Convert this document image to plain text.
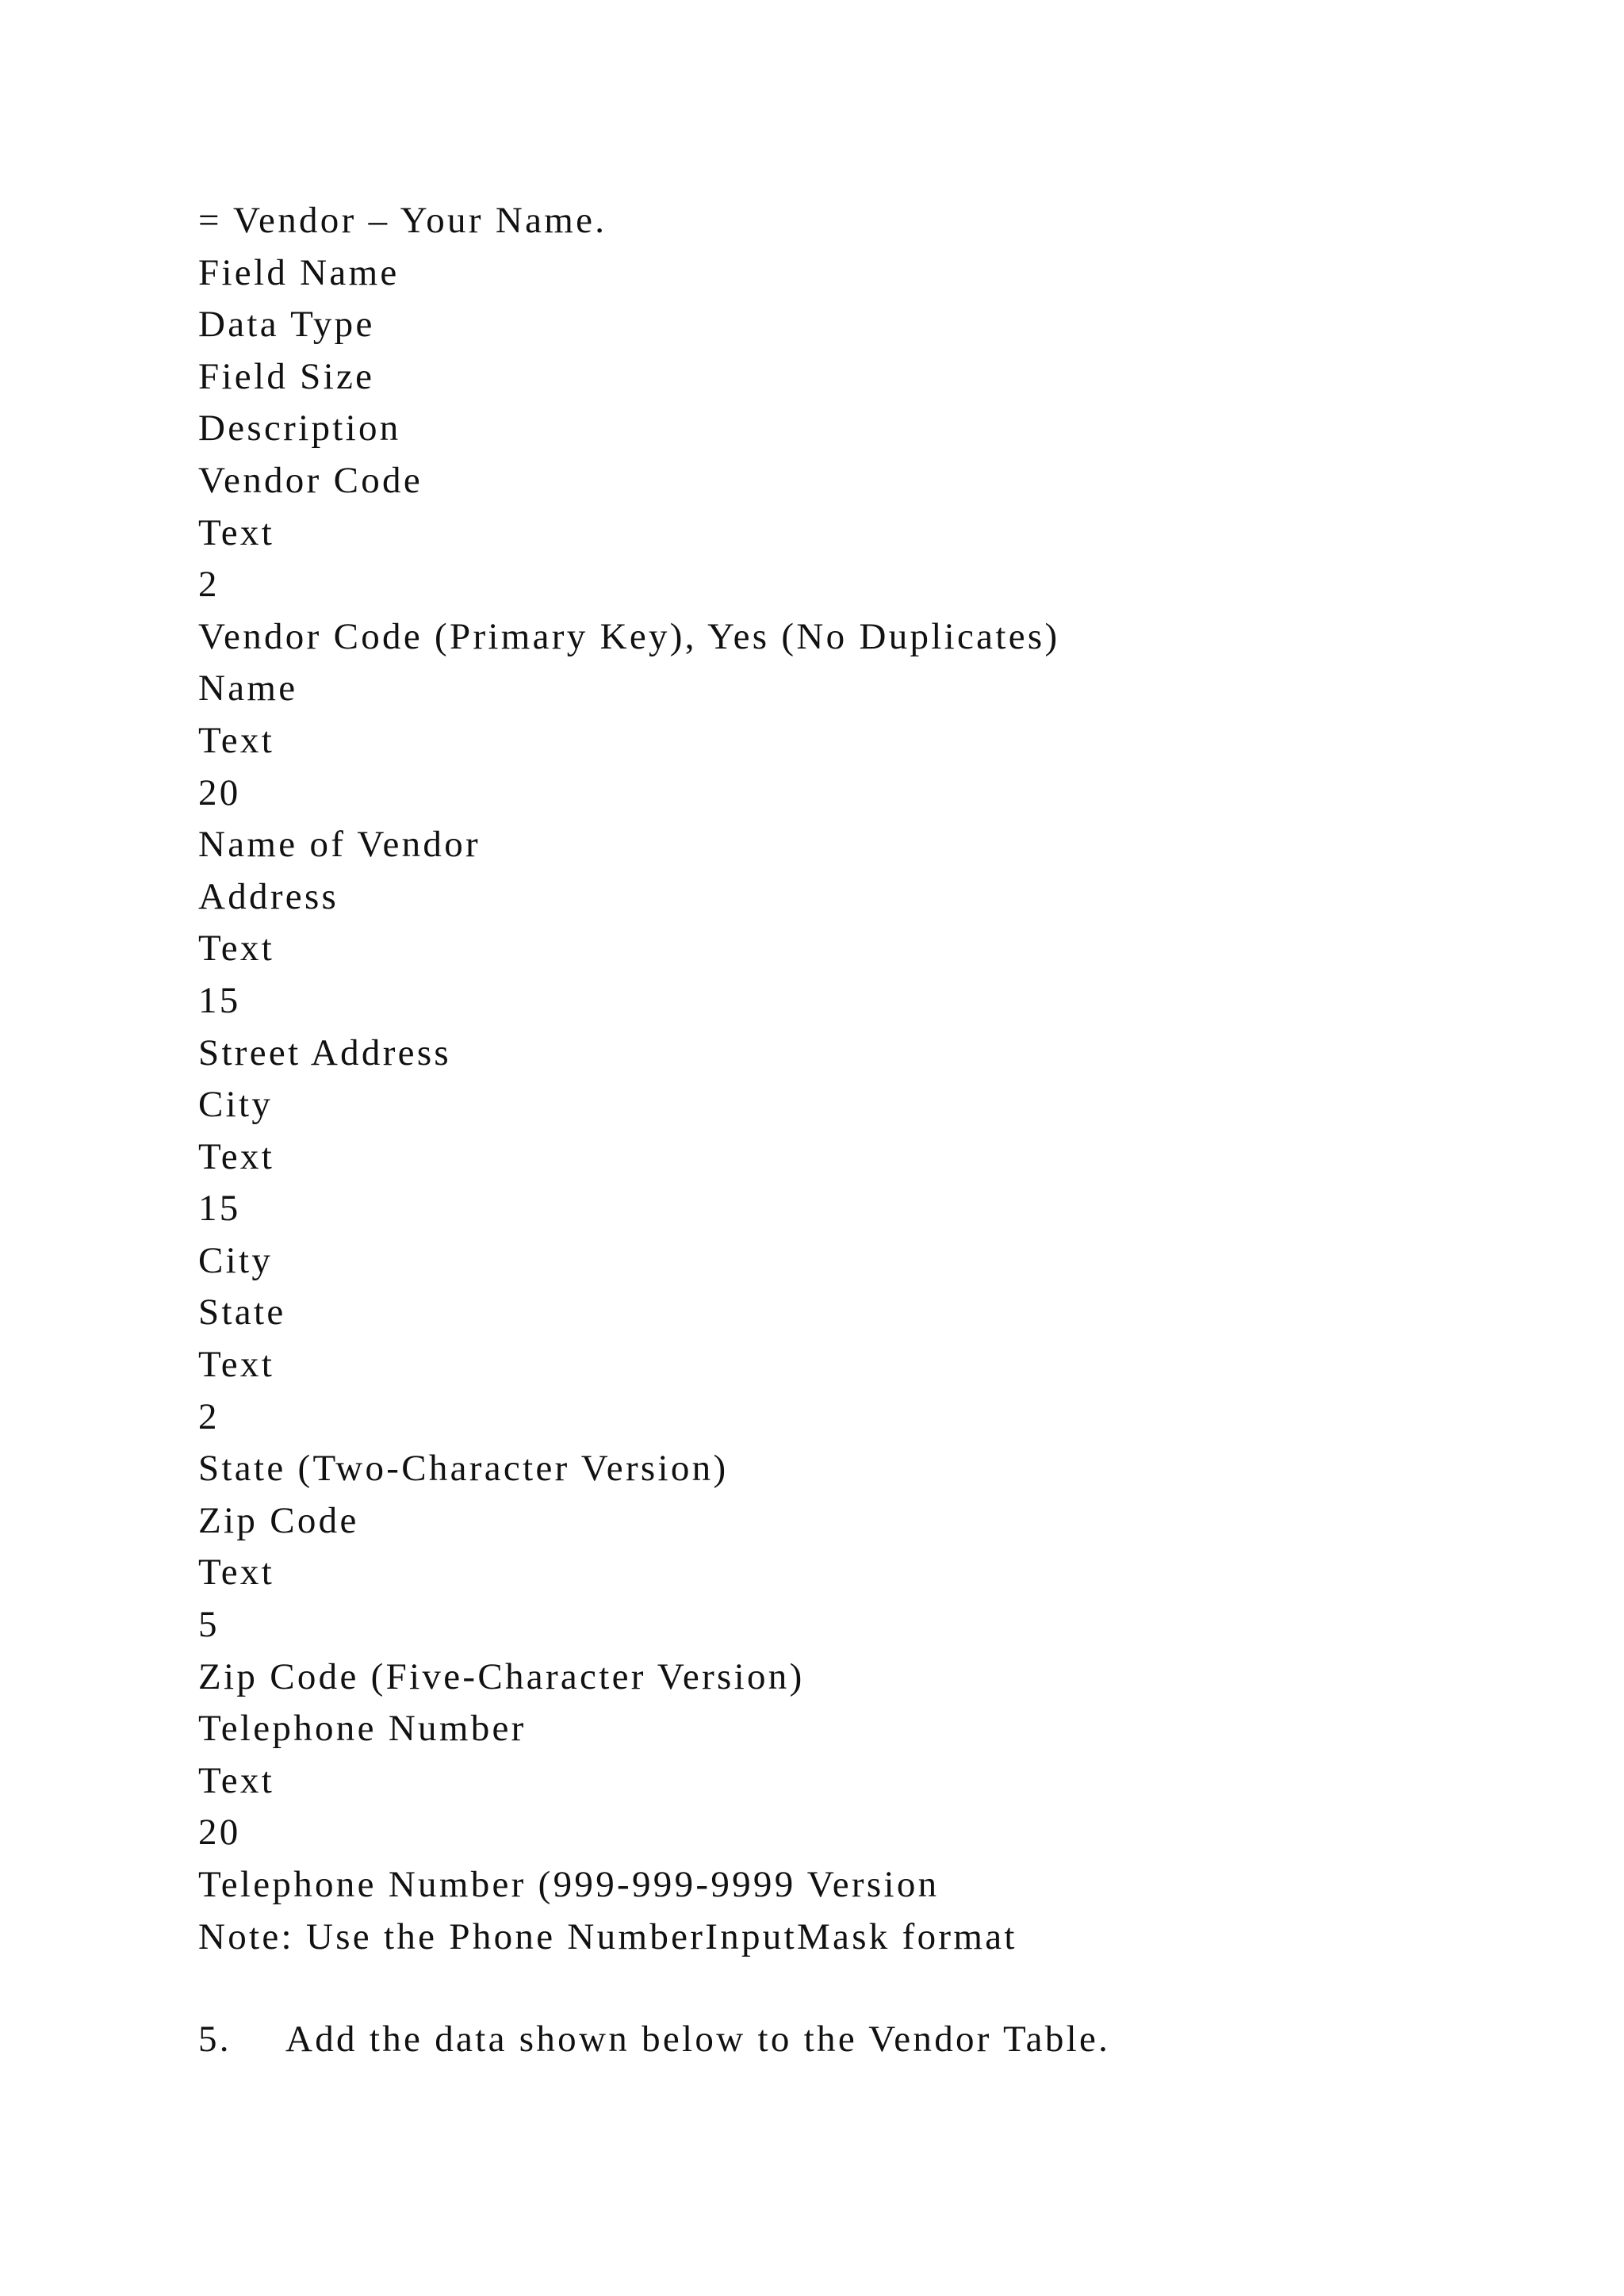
= Vendor – Your Name.
Field Name
Data Type
Field Size
Description
Vendor Code
Text
2
Vendor Code (Primary Key), Yes (No Duplicates)
Name
Text
20
Name of Vendor
Address
Text
15
Street Address
City
Text
15
City
State
Text
2
State (Two-Character Version)
Zip Code
Text
5
Zip Code (Five-Character Version)
Telephone Number
Text
20
Telephone Number (999-999-9999 Version
Note: Use the Phone NumberInputMask format
5. Add the data shown below to the Vendor Table.
